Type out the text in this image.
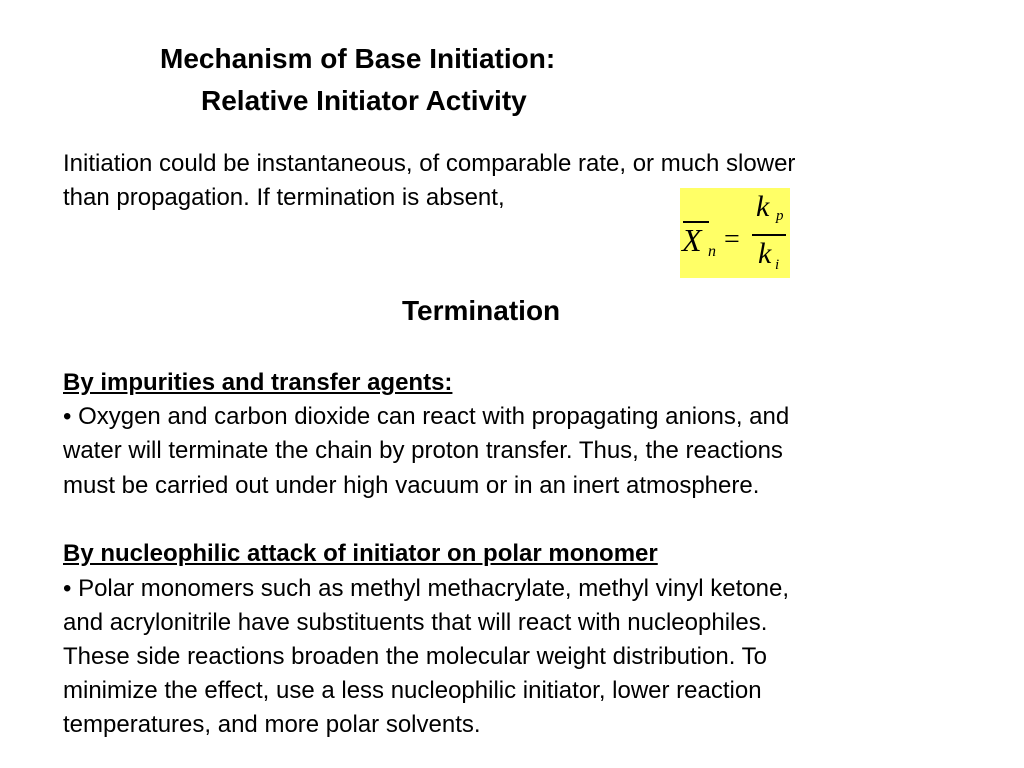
Mechanism of Base Initiation:
Relative Initiator Activity
Initiation could be instantaneous, of comparable rate, or much slower
than propagation. If termination is absent,
X n =
k p
k i
Termination
By impurities and transfer agents:
• Oxygen and carbon dioxide can react with propagating anions, and
water will terminate the chain by proton transfer. Thus, the reactions
must be carried out under high vacuum or in an inert atmosphere.
By nucleophilic attack of initiator on polar monomer
• Polar monomers such as methyl methacrylate, methyl vinyl ketone,
and acrylonitrile have substituents that will react with nucleophiles.
These side reactions broaden the molecular weight distribution. To
minimize the effect, use a less nucleophilic initiator, lower reaction
temperatures, and more polar solvents.
